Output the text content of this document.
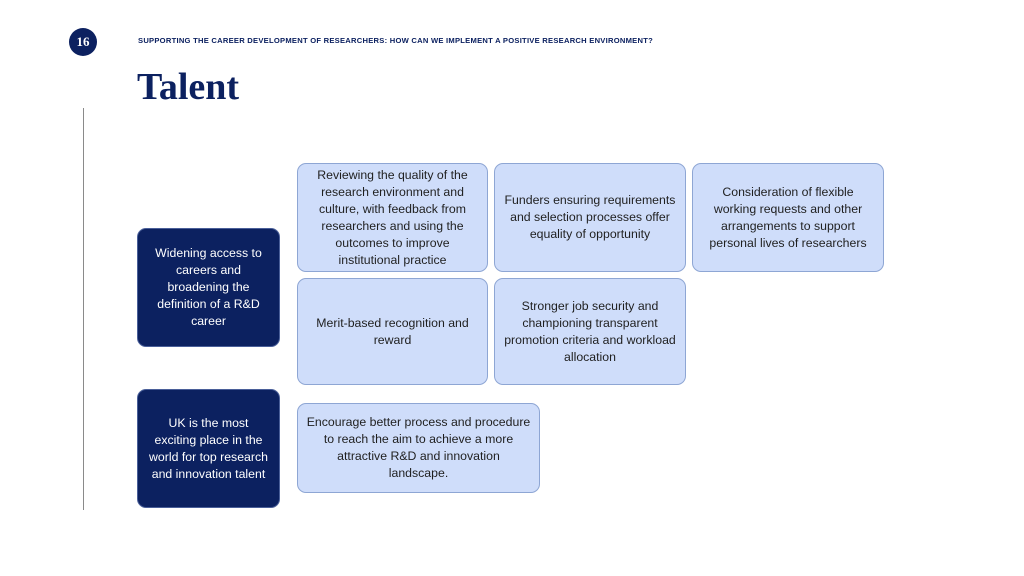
16	SUPPORTING THE CAREER DEVELOPMENT OF RESEARCHERS: HOW CAN WE IMPLEMENT A POSITIVE RESEARCH ENVIRONMENT?
Talent
Widening access to careers and broadening the definition of a R&D career
UK is the most exciting place in the world for top research and innovation talent
Reviewing the quality of the research environment and culture, with feedback from researchers and using the outcomes to improve institutional practice
Funders ensuring requirements and selection processes offer equality of opportunity
Consideration of flexible working requests and other arrangements to support personal lives of researchers
Merit-based recognition and reward
Stronger job security and championing transparent promotion criteria and workload allocation
Encourage better process and procedure to reach the aim to achieve a more attractive R&D and innovation landscape.
